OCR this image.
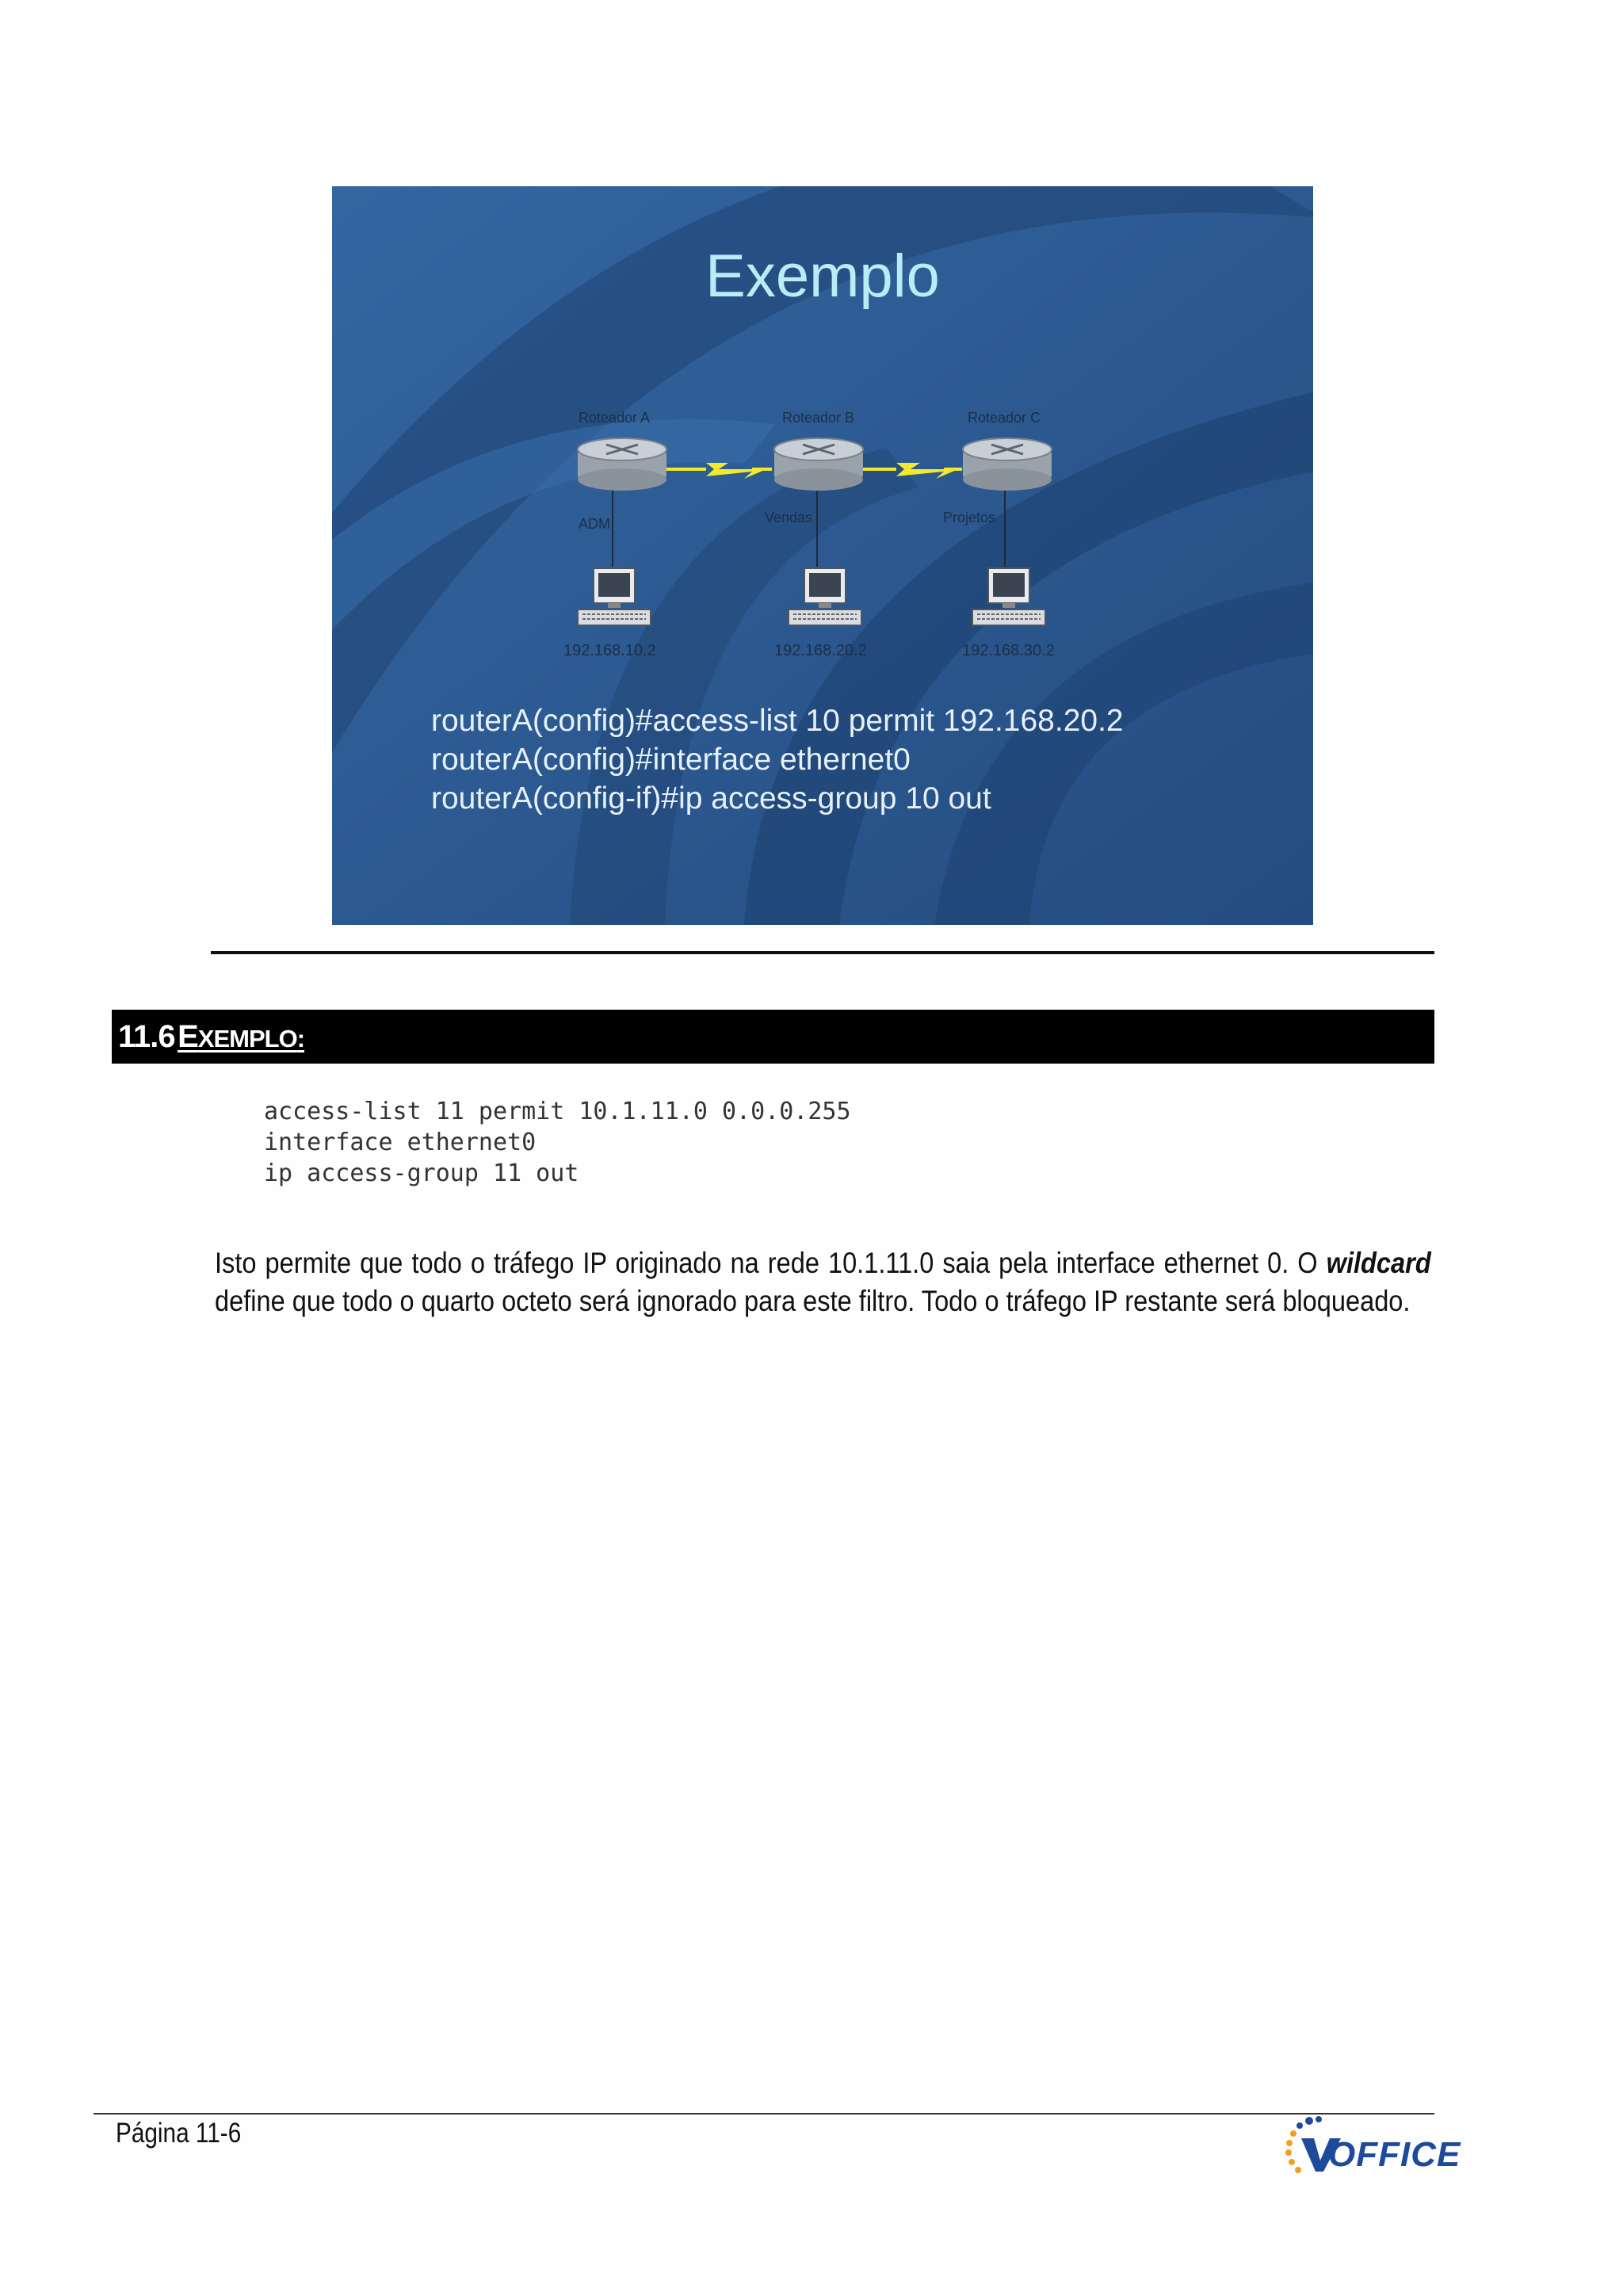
Exemplo
Roteador A	Roteador B	Roteador C
ADM	Vendas	Projetos
192.168.10.2	192.168.20.2	192.168.30.2
routerA(config)#access-list 10 permit 192.168.20.2
routerA(config)#interface ethernet0
routerA(config-if)#ip access-group 10 out
11.6 EXEMPLO:
access-list 11 permit 10.1.11.0 0.0.0.255
interface ethernet0
ip access-group 11 out
Isto permite que todo o tráfego IP originado na rede 10.1.11.0 saia pela interface ethernet 0. O wildcard define que todo o quarto octeto será ignorado para este filtro. Todo o tráfego IP restante será bloqueado.
Página 11-6
OFFICE
